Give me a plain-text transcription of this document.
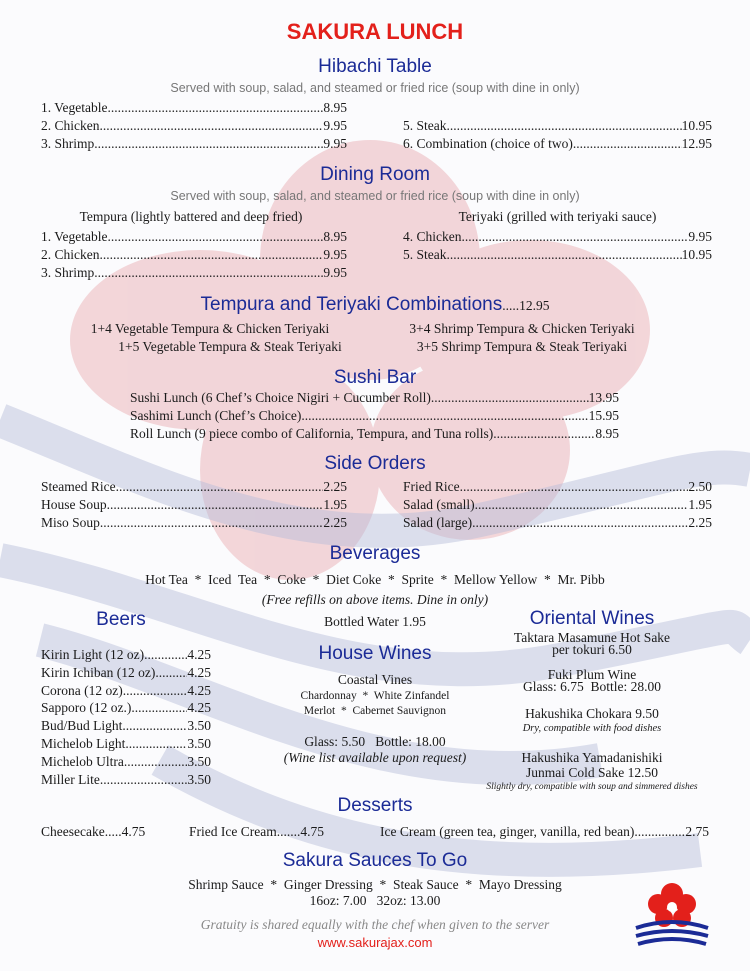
SAKURA LUNCH
Hibachi Table
Served with soup, salad, and steamed or fried rice (soup with dine in only)
1. Vegetable .....	8.95
2. Chicken .....	9.95
3. Shrimp .....	9.95
5. Steak .....	10.95
6. Combination (choice of two) .....	12.95
Dining Room
Served with soup, salad, and steamed or fried rice (soup with dine in only)
Tempura (lightly battered and deep fried)	Teriyaki (grilled with teriyaki sauce)
1. Vegetable .....	8.95
2. Chicken .....	9.95
3. Shrimp .....	9.95
4. Chicken .....	9.95
5. Steak .....	10.95
Tempura and Teriyaki Combinations.....12.95
1+4 Vegetable Tempura & Chicken Teriyaki	3+4 Shrimp Tempura & Chicken Teriyaki
1+5 Vegetable Tempura & Steak Teriyaki	3+5 Shrimp Tempura & Steak Teriyaki
Sushi Bar
Sushi Lunch (6 Chef’s Choice Nigiri + Cucumber Roll) .....	13.95
Sashimi Lunch (Chef’s Choice) .....	15.95
Roll Lunch (9 piece combo of California, Tempura, and Tuna rolls) .....	8.95
Side Orders
Steamed Rice .....	2.25
House Soup .....	1.95
Miso Soup .....	2.25
Fried Rice .....	2.50
Salad (small) .....	1.95
Salad (large) .....	2.25
Beverages
Hot Tea  *  Iced  Tea  *  Coke  *  Diet Coke  *  Sprite  *  Mellow Yellow  *  Mr. Pibb
(Free refills on above items. Dine in only)
Bottled Water 1.95
Beers
Kirin Light (12 oz) .....	4.25
Kirin Ichiban (12 oz) ..... 4.25
Corona (12 oz) .....	4.25
Sapporo (12 oz.) .....	4.25
Bud/Bud Light .....	3.50
Michelob Light .....	3.50
Michelob Ultra .....	3.50
Miller Lite .....	3.50
House Wines
Coastal Vines
Chardonnay  *  White Zinfandel
Merlot  *  Cabernet Sauvignon
Glass: 5.50   Bottle: 18.00
(Wine list available upon request)
Oriental Wines
Taktara Masamune Hot Sake
per tokuri 6.50
Fuki Plum Wine
Glass: 6.75  Bottle: 28.00
Hakushika Chokara 9.50
Dry, compatible with food dishes
Hakushika Yamadanishiki
Junmai Cold Sake 12.50
Slightly dry, compatible with soup and simmered dishes
Desserts
Cheesecake.....4.75	Fried Ice Cream.......4.75	Ice Cream (green tea, ginger, vanilla, red bean) .....	2.75
Sakura Sauces To Go
Shrimp Sauce  *  Ginger Dressing  *  Steak Sauce  *  Mayo Dressing
16oz: 7.00   32oz: 13.00
Gratuity is shared equally with the chef when given to the server
www.sakurajax.com
